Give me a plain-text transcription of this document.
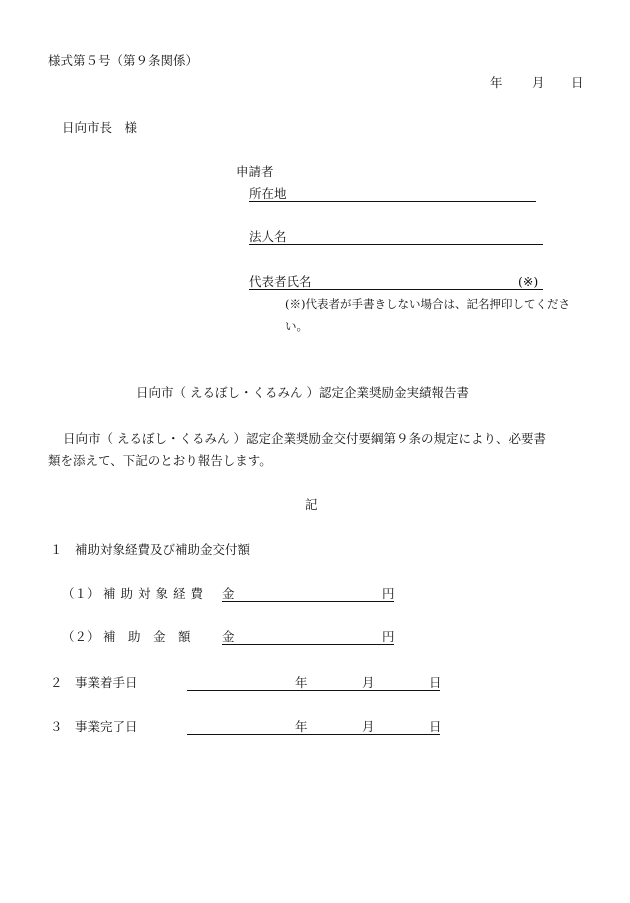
様式第５号（第９条関係）
年 月 日
日向市長　様
申請者
所在地
法人名
代表者氏名	(※)
(※)代表者が手書きしない場合は、記名押印してくださ
い。
日向市（ えるぼし・くるみん ）認定企業奨励金実績報告書
日向市（ えるぼし・くるみん ）認定企業奨励金交付要綱第９条の規定により、必要書
類を添えて、下記のとおり報告します。
記
１ 補助対象経費及び補助金交付額
（１） 補助対象経費 金	円
（２） 補　助　金　額	金	円
２ 事業着手日	年	月	日
３ 事業完了日	年	月	日
